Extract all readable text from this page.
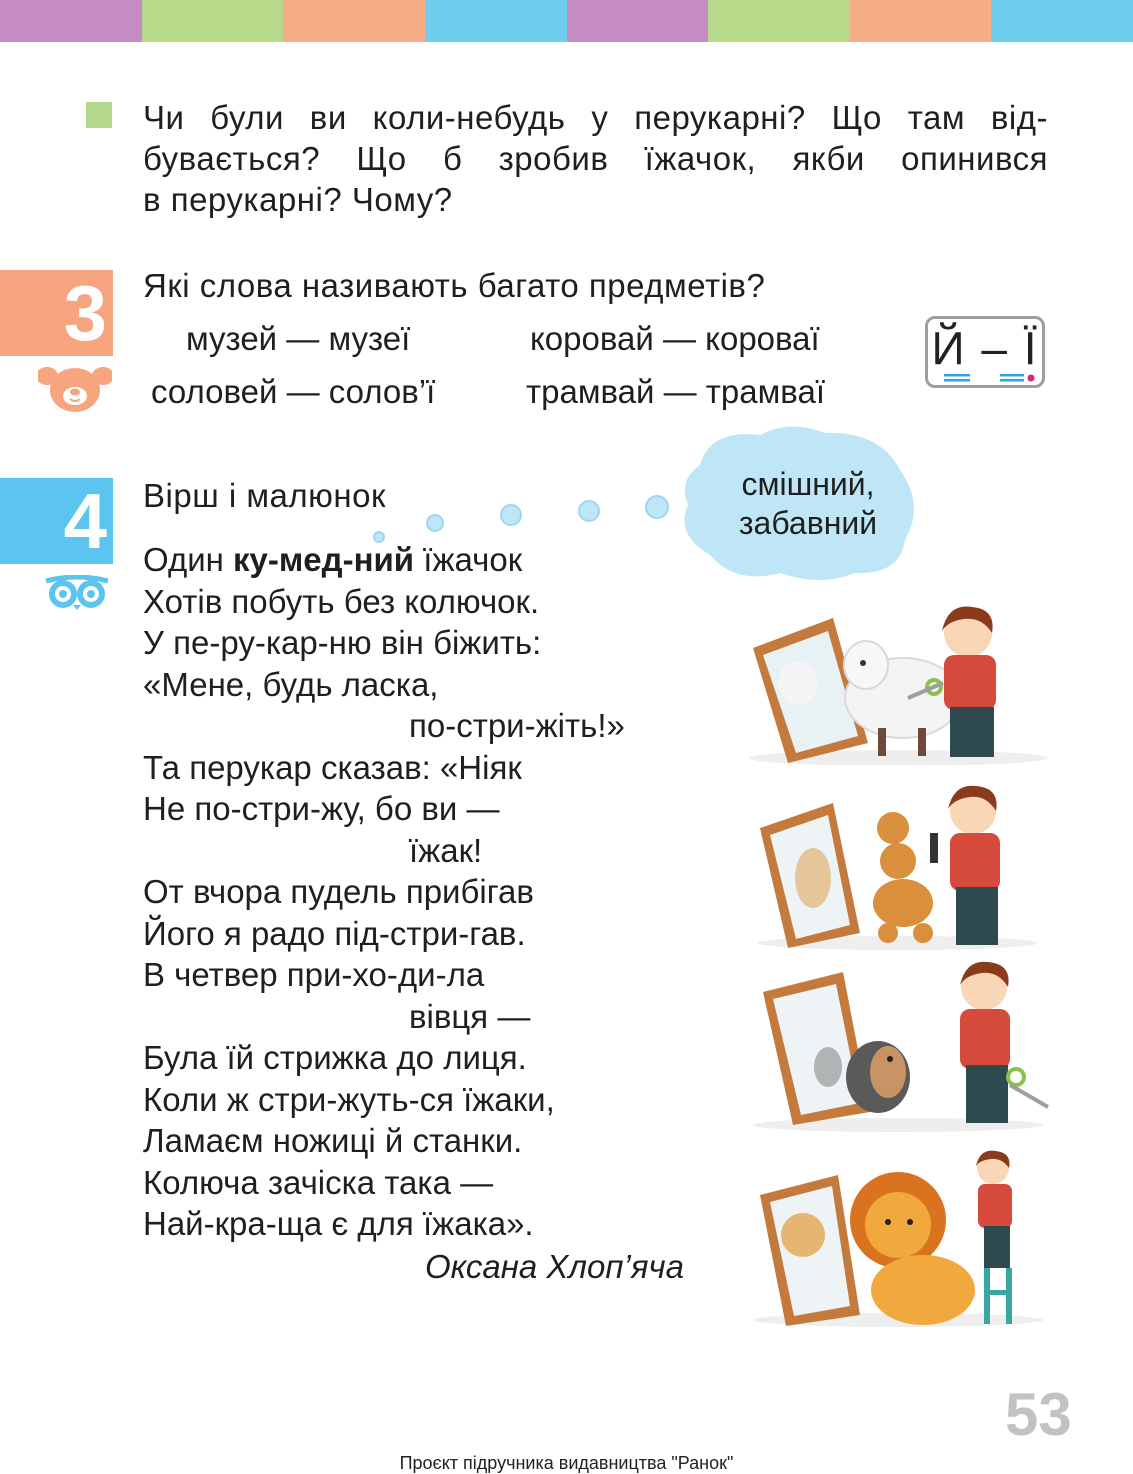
Чи були ви коли-небудь у перукарні? Що там від-
бувається? Що б зробив їжачок, якби опинився
в перукарні? Чому?
3 Які слова називають багато предметів?
музей — музеї	коровай — короваї
соловей — солов’ї	трамвай — трамваї
Й – Ї
4 Вірш і малюнок	смішний,
забавний
Один ку-мед-ний їжачок
Хотів побуть без колючок.
У пе-ру-кар-ню він біжить:
«Мене, будь ласка,
по-стри-жіть!»
Та перукар сказав: «Ніяк
Не по-стри-жу, бо ви —
їжак!
От вчора пудель прибігав
Його я радо під-стри-гав.
В четвер при-хо-ди-ла
вівця —
Була їй стрижка до лиця.
Коли ж стри-жуть-ся їжаки,
Ламаєм ножиці й станки.
Колюча зачіска така —
Най-кра-ща є для їжака».
Оксана Хлоп’яча
53
Проєкт підручника видавництва "Ранок"
